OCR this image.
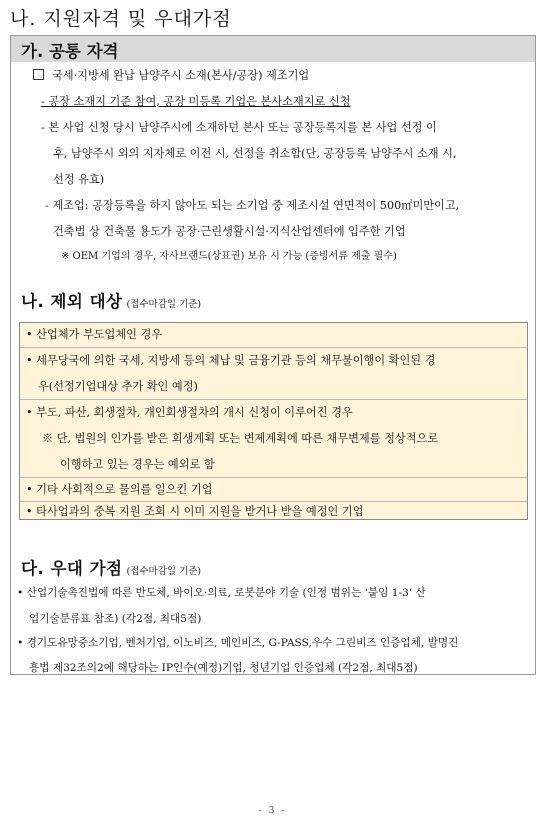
나. 지원자격 및 우대가점
가. 공통 자격
국세·지방세 완납 남양주시 소재(본사/공장) 제조기업
- 공장 소재지 기준 참여, 공장 미등록 기업은 본사소재지로 신청
- 본 사업 신청 당시 남양주시에 소재하던 본사 또는 공장등록지를 본 사업 선정 이
후, 남양주시 외의 지자체로 이전 시, 선정을 취소함(단, 공장등록 남양주시 소재 시,
선정 유효)
- 제조업: 공장등록을 하지 않아도 되는 소기업 중 제조시설 연면적이 500㎡미만이고,
건축법 상 건축물 용도가 공장·근린생활시설·지식산업센터에 입주한 기업
※ OEM 기업의 경우, 자사브랜드(상표권) 보유 시 가능 (증빙서류 제출 필수)
나. 제외 대상 (접수마감일 기준)
• 산업체가 부도업체인 경우
• 세무당국에 의한 국세, 지방세 등의 체납 및 금융기관 등의 채무불이행이 확인된 경
우(선정기업대상 추가 확인 예정)
• 부도, 파산, 회생절차, 개인회생절차의 개시 신청이 이루어진 경우
※ 단, 법원의 인가를 받은 회생계획 또는 변제계획에 따른 채무변제를 정상적으로
이행하고 있는 경우는 예외로 함
• 기타 사회적으로 물의를 일으킨 기업
• 타사업과의 중복 지원 조회 시 이미 지원을 받거나 받을 예정인 기업
다. 우대 가점 (접수마감일 기준)
• 산업기술촉진법에 따른 반도체, 바이오·의료, 로봇분야 기술 (인정 범위는 ‘붙임 1-3’ 산
업기술분류표 참조) (각2점, 최대5점)
• 경기도유망중소기업, 벤처기업, 이노비즈, 메인비즈, G-PASS,우수 그린비즈 인증업체, 발명진
흥법 제32조의2에 해당하는 IP인수(예정)기업, 청년기업 인증업체 (각2점, 최대5점)
- 3 -
